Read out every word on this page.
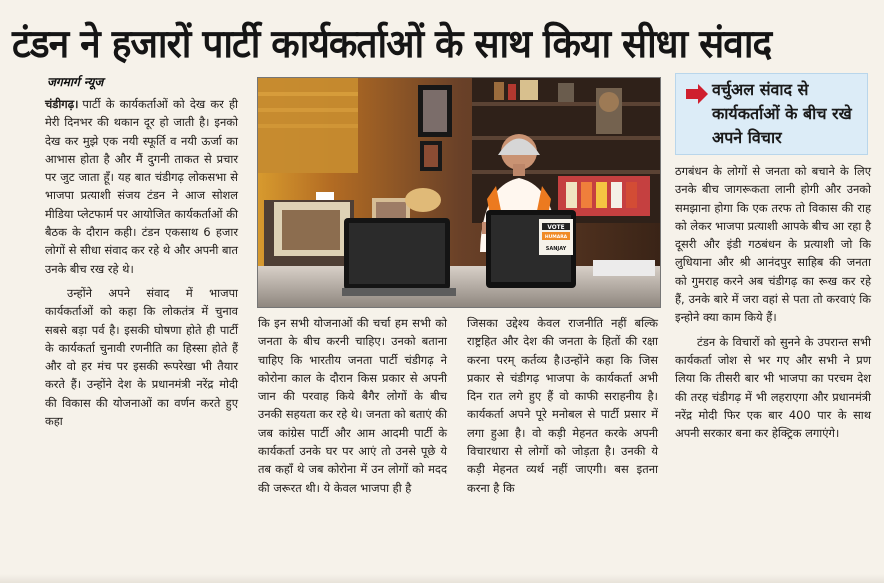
टंडन ने हजारों पार्टी कार्यकर्ताओं के साथ किया सीधा संवाद
जगमार्ग न्यूज

चंडीगढ़। पार्टी के कार्यकर्ताओं को देख कर ही मेरी दिनभर की थकान दूर हो जाती है। इनको देख कर मुझे एक नयी स्फूर्ति व नयी ऊर्जा का आभास होता है और मैं दुगनी ताकत से प्रचार पर जुट जाता हूँ। यह बात चंडीगढ़ लोकसभा से भाजपा प्रत्याशी संजय टंडन ने आज सोशल मीडिया प्लेटफार्म पर आयोजित कार्यकर्ताओं की बैठक के दौरान कही। टंडन एकसाथ 6 हजार लोगों से सीधा संवाद कर रहे थे और अपनी बात उनके बीच रख रहे थे।

उन्होंने अपने संवाद में भाजपा कार्यकर्ताओं को कहा कि लोकतंत्र में चुनाव सबसे बड़ा पर्व है। इसकी घोषणा होते ही पार्टी के कार्यकर्ता चुनावी रणनीति का हिस्सा होते हैं और वो हर मंच पर इसकी रूपरेखा भी तैयार करते हैं। उन्होंने देश के प्रधानमंत्री नरेंद्र मोदी की विकास की योजनाओं का वर्णन करते हुए कहा

VOTE
HUMARA
SANJAY
वर्चुअल संवाद से कार्यकर्ताओं के बीच रखे अपने विचार

कि इन सभी योजनाओं की चर्चा हम सभी को जनता के बीच करनी चाहिए। उनको बताना चाहिए कि भारतीय जनता पार्टी चंडीगढ़ ने कोरोना काल के दौरान किस प्रकार से अपनी जान की परवाह किये बैगैर लोगों के बीच उनकी सहयता कर रहे थे। जनता को बताएं की जब कांग्रेस पार्टी और आम आदमी पार्टी के कार्यकर्ता उनके घर पर आएं तो उनसे पूछे ये तब कहाँ थे जब कोरोना में उन लोगों को मदद की जरूरत थी। ये केवल भाजपा ही है

जिसका उद्देश्य केवल राजनीति नहीं बल्कि राष्ट्रहित और देश की जनता के हितों की रक्षा करना परम् कर्तव्य है।उन्होंने कहा कि जिस प्रकार से चंडीगढ़ भाजपा के कार्यकर्ता अभी दिन रात लगे हुए हैं वो काफी सराहनीय है। कार्यकर्ता अपने पूरे मनोबल से पार्टी प्रसार में लगा हुआ है। वो कड़ी मेहनत करके अपनी विचारधारा से लोगों को जोड़ता है। उनकी ये कड़ी मेहनत व्यर्थ नहीं जाएगी। बस इतना करना है कि

ठगबंधन के लोगों से जनता को बचाने के लिए उनके बीच जागरूकता लानी होगी और उनको समझाना होगा कि एक तरफ तो विकास की राह को लेकर भाजपा प्रत्याशी आपके बीच आ रहा है दूसरी और इंडी गठबंधन के प्रत्याशी जो कि लुधियाना और श्री आनंदपुर साहिब की जनता को गुमराह करने अब चंडीगढ़ का रूख कर रहे हैं, उनके बारे में जरा वहां से पता तो करवाएं कि इन्होने क्या काम किये हैं।

टंडन के विचारों को सुनने के उपरान्त सभी कार्यकर्ता जोश से भर गए और सभी ने प्रण लिया कि तीसरी बार भी भाजपा का परचम देश की तरह चंडीगढ़ में भी लहराएगा और प्रधानमंत्री नरेंद्र मोदी फिर एक बार 400 पार के साथ अपनी सरकार बना कर हेक्ट्रिक लगाएंगे।
